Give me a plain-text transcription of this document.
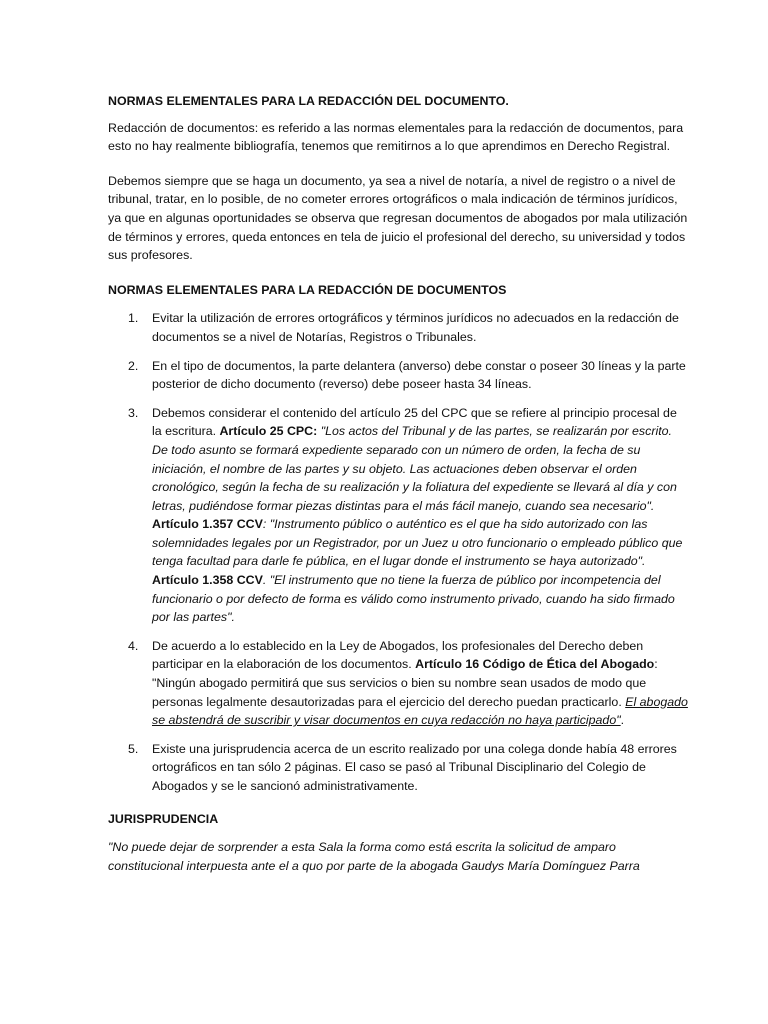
NORMAS ELEMENTALES PARA LA REDACCIÓN DEL DOCUMENTO.

Redacción de documentos: es referido a las normas elementales para la redacción de documentos, para esto no hay realmente bibliografía, tenemos que remitirnos a lo que aprendimos en Derecho Registral.

Debemos siempre que se haga un documento, ya sea a nivel de notaría, a nivel de registro o a nivel de tribunal, tratar, en lo posible, de no cometer errores ortográficos o mala indicación de términos jurídicos, ya que en algunas oportunidades se observa que regresan documentos de abogados por mala utilización de términos y errores, queda entonces en tela de juicio el profesional del derecho, su universidad y todos sus profesores.

NORMAS ELEMENTALES PARA LA REDACCIÓN DE DOCUMENTOS
1. Evitar la utilización de errores ortográficos y términos jurídicos no adecuados en la redacción de documentos se a nivel de Notarías, Registros o Tribunales.
2. En el tipo de documentos, la parte delantera (anverso) debe constar o poseer 30 líneas y la parte posterior de dicho documento (reverso) debe poseer hasta 34 líneas.
3. Debemos considerar el contenido del artículo 25 del CPC que se refiere al principio procesal de la escritura. Artículo 25 CPC: "Los actos del Tribunal y de las partes, se realizarán por escrito. De todo asunto se formará expediente separado con un número de orden, la fecha de su iniciación, el nombre de las partes y su objeto. Las actuaciones deben observar el orden cronológico, según la fecha de su realización y la foliatura del expediente se llevará al día y con letras, pudiéndose formar piezas distintas para el más fácil manejo, cuando sea necesario". Artículo 1.357 CCV: "Instrumento público o auténtico es el que ha sido autorizado con las solemnidades legales por un Registrador, por un Juez u otro funcionario o empleado público que tenga facultad para darle fe pública, en el lugar donde el instrumento se haya autorizado". Artículo 1.358 CCV. "El instrumento que no tiene la fuerza de público por incompetencia del funcionario o por defecto de forma es válido como instrumento privado, cuando ha sido firmado por las partes".
4. De acuerdo a lo establecido en la Ley de Abogados, los profesionales del Derecho deben participar en la elaboración de los documentos. Artículo 16 Código de Ética del Abogado: "Ningún abogado permitirá que sus servicios o bien su nombre sean usados de modo que personas legalmente desautorizadas para el ejercicio del derecho puedan practicarlo. El abogado se abstendrá de suscribir y visar documentos en cuya redacción no haya participado".
5. Existe una jurisprudencia acerca de un escrito realizado por una colega donde había 48 errores ortográficos en tan sólo 2 páginas. El caso se pasó al Tribunal Disciplinario del Colegio de Abogados y se le sancionó administrativamente.
JURISPRUDENCIA

"No puede dejar de sorprender a esta Sala la forma como está escrita la solicitud de amparo constitucional interpuesta ante el a quo por parte de la abogada Gaudys María Domínguez Parra
